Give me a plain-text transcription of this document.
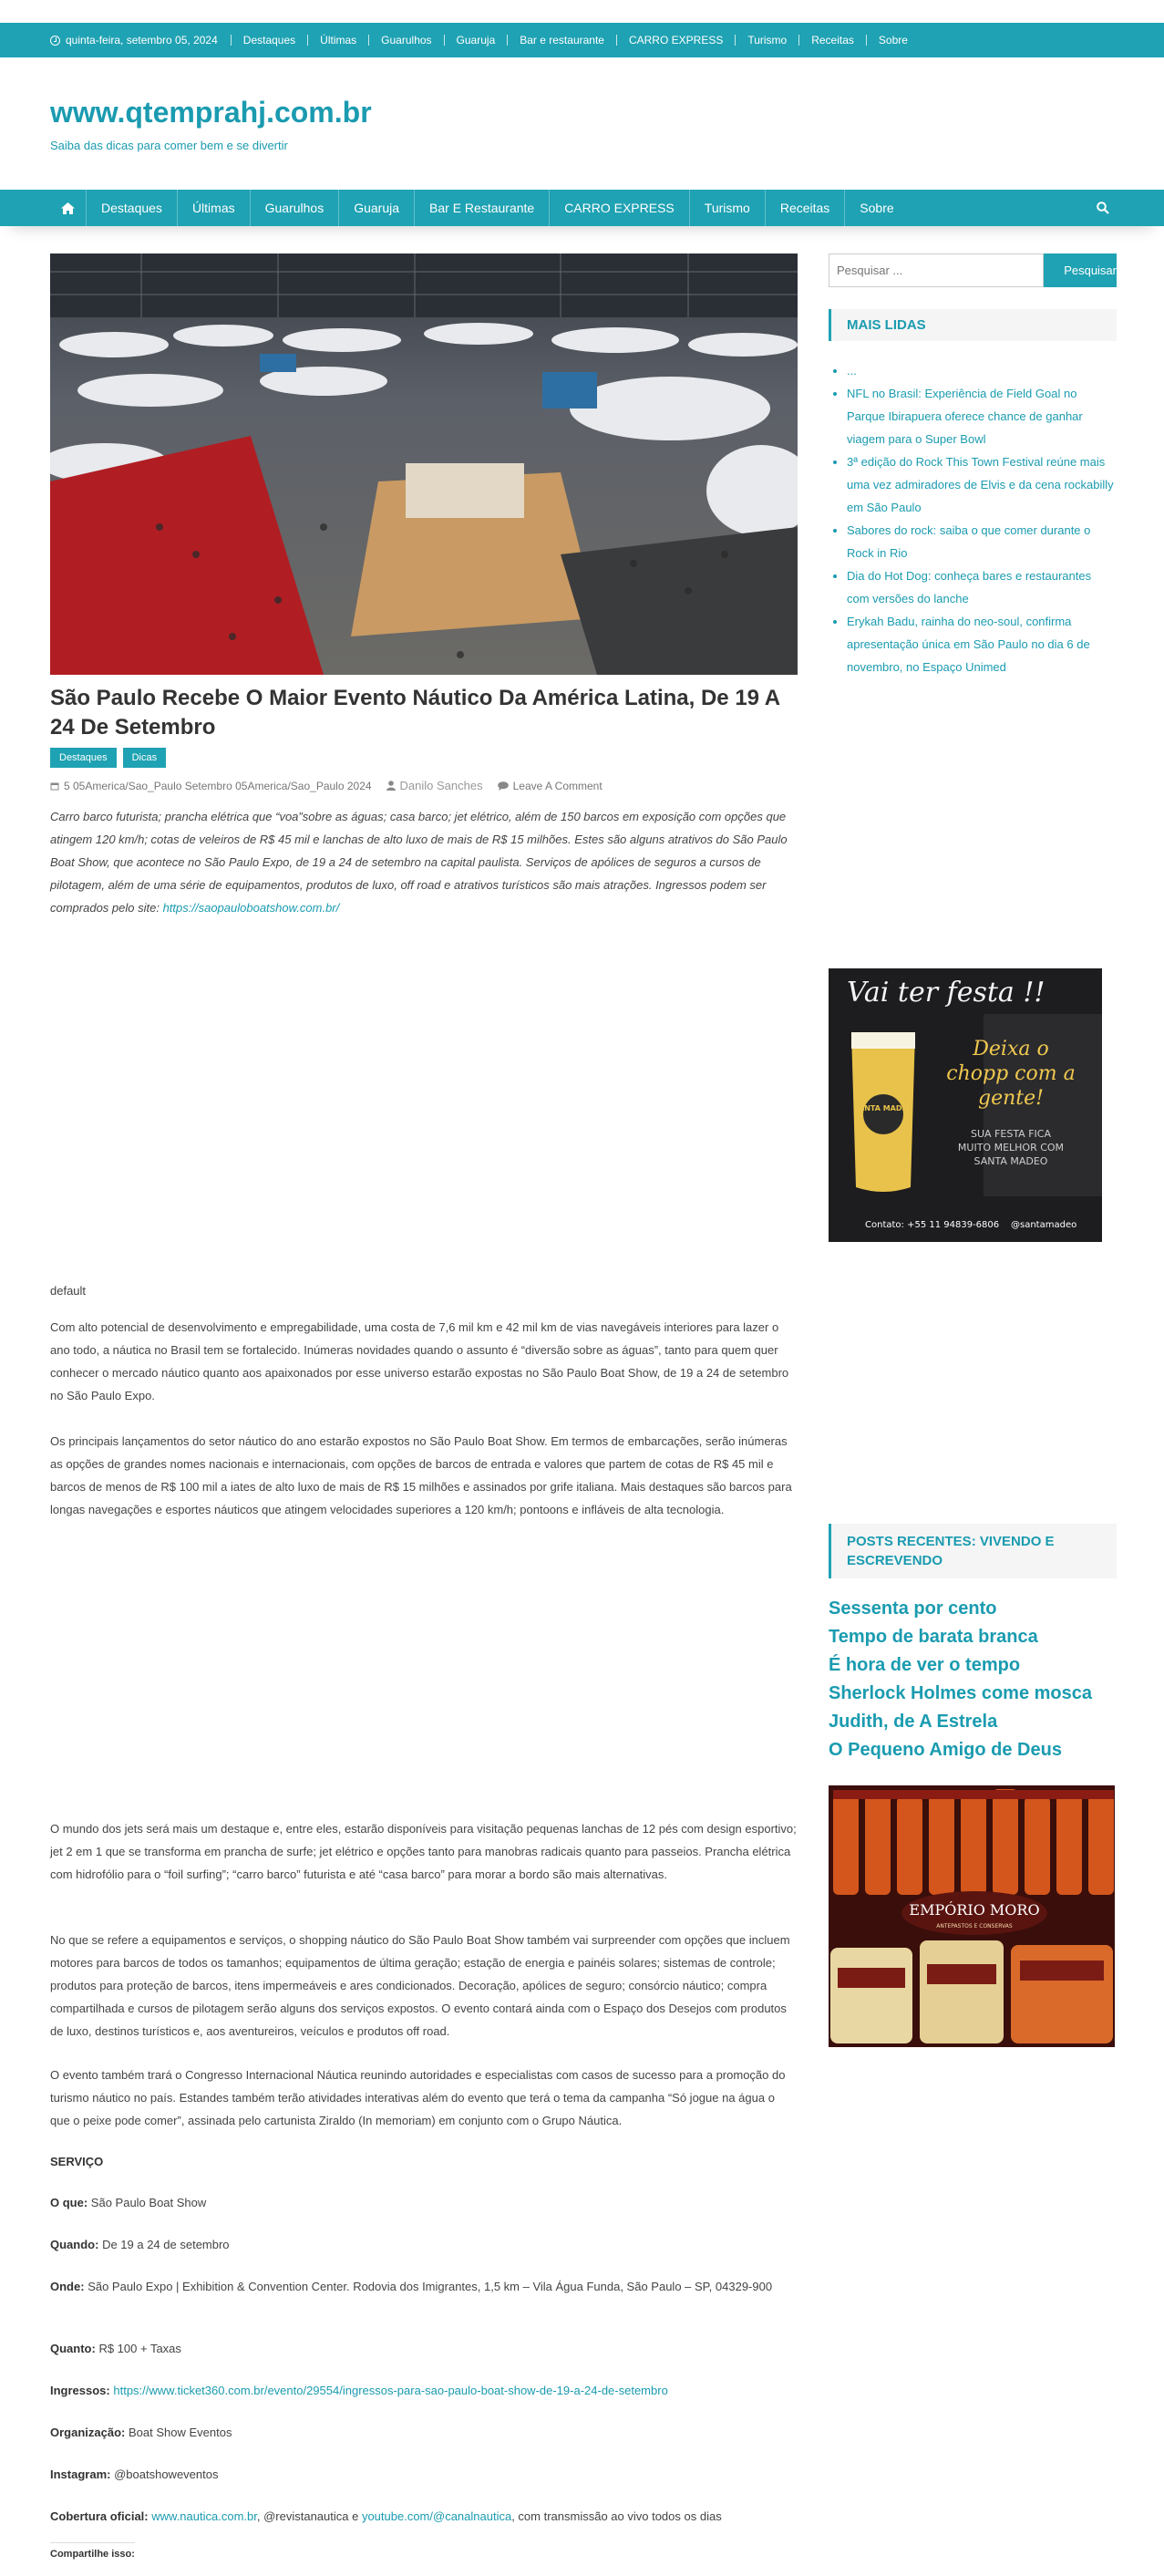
quinta-feira, setembro 05, 2024	Destaques	Últimas	Guarulhos	Guaruja	Bar e restaurante	CARRO EXPRESS	Turismo	Receitas	Sobre
www.qtemprahj.com.br
Saiba das dicas para comer bem e se divertir
Destaques	Últimas	Guarulhos	Guaruja	Bar E Restaurante	CARRO EXPRESS	Turismo	Receitas	Sobre
São Paulo Recebe O Maior Evento Náutico Da América Latina, De 19 A 24 De Setembro
Destaques	Dicas
5 05America/Sao_Paulo Setembro 05America/Sao_Paulo 2024 Danilo Sanches	Leave A Comment

Carro barco futurista; prancha elétrica que “voa”sobre as águas; casa barco; jet elétrico, além de 150 barcos em exposição com opções que atingem 120 km/h; cotas de veleiros de R$ 45 mil e lanchas de alto luxo de mais de R$ 15 milhões. Estes são alguns atrativos do São Paulo Boat Show, que acontece no São Paulo Expo, de 19 a 24 de setembro na capital paulista. Serviços de apólices de seguros a cursos de pilotagem, além de uma série de equipamentos, produtos de luxo, off road e atrativos turísticos são mais atrações. Ingressos podem ser comprados pelo site: https://saopauloboatshow.com.br/

default

Com alto potencial de desenvolvimento e empregabilidade, uma costa de 7,6 mil km e 42 mil km de vias navegáveis interiores para lazer o ano todo, a náutica no Brasil tem se fortalecido. Inúmeras novidades quando o assunto é “diversão sobre as águas”, tanto para quem quer conhecer o mercado náutico quanto aos apaixonados por esse universo estarão expostas no São Paulo Boat Show, de 19 a 24 de setembro no São Paulo Expo.

Os principais lançamentos do setor náutico do ano estarão expostos no São Paulo Boat Show. Em termos de embarcações, serão inúmeras as opções de grandes nomes nacionais e internacionais, com opções de barcos de entrada e valores que partem de cotas de R$ 45 mil e barcos de menos de R$ 100 mil a iates de alto luxo de mais de R$ 15 milhões e assinados por grife italiana. Mais destaques são barcos para longas navegações e esportes náuticos que atingem velocidades superiores a 120 km/h; pontoons e infláveis de alta tecnologia.

O mundo dos jets será mais um destaque e, entre eles, estarão disponíveis para visitação pequenas lanchas de 12 pés com design esportivo; jet 2 em 1 que se transforma em prancha de surfe; jet elétrico e opções tanto para manobras radicais quanto para passeios. Prancha elétrica com hidrofólio para o “foil surfing”; “carro barco” futurista e até “casa barco” para morar a bordo são mais alternativas.

No que se refere a equipamentos e serviços, o shopping náutico do São Paulo Boat Show também vai surpreender com opções que incluem motores para barcos de todos os tamanhos; equipamentos de última geração; estação de energia e painéis solares; sistemas de controle; produtos para proteção de barcos, itens impermeáveis e ares condicionados. Decoração, apólices de seguro; consórcio náutico; compra compartilhada e cursos de pilotagem serão alguns dos serviços expostos. O evento contará ainda com o Espaço dos Desejos com produtos de luxo, destinos turísticos e, aos aventureiros, veículos e produtos off road.

O evento também trará o Congresso Internacional Náutica reunindo autoridades e especialistas com casos de sucesso para a promoção do turismo náutico no país. Estandes também terão atividades interativas além do evento que terá o tema da campanha “Só jogue na água o que o peixe pode comer”, assinada pelo cartunista Ziraldo (In memoriam) em conjunto com o Grupo Náutica.

SERVIÇO
O que: São Paulo Boat Show
Quando: De 19 a 24 de setembro
Onde: São Paulo Expo | Exhibition & Convention Center. Rodovia dos Imigrantes, 1,5 km – Vila Água Funda, São Paulo – SP, 04329-900
Quanto: R$ 100 + Taxas
Ingressos: https://www.ticket360.com.br/evento/29554/ingressos-para-sao-paulo-boat-show-de-19-a-24-de-setembro
Organização: Boat Show Eventos
Instagram: @boatshoweventos
Cobertura oficial: www.nautica.com.br, @revistanautica e youtube.com/@canalnautica, com transmissão ao vivo todos os dias
Compartilhe isso:
Pesquisar ...
Pesquisar
MAIS LIDAS
• ...
• NFL no Brasil: Experiência de Field Goal no Parque Ibirapuera oferece chance de ganhar viagem para o Super Bowl
• 3ª edição do Rock This Town Festival reúne mais uma vez admiradores de Elvis e da cena rockabilly em São Paulo
• Sabores do rock: saiba o que comer durante o Rock in Rio
• Dia do Hot Dog: conheça bares e restaurantes com versões do lanche
• Erykah Badu, rainha do neo-soul, confirma apresentação única em São Paulo no dia 6 de novembro, no Espaço Unimed
Vai ter festa !!
SANTA MADEO
Deixa o
chopp com a
gente!
SUA FESTA FICA
MUITO MELHOR COM
SANTA MADEO
Contato: +55 11 94839-6806 @santamadeo
POSTS RECENTES: VIVENDO E ESCREVENDO
Sessenta por cento
Tempo de barata branca
É hora de ver o tempo
Sherlock Holmes come mosca
Judith, de A Estrela
O Pequeno Amigo de Deus
EMPÓRIO MORO
ANTEPASTOS E CONSERVAS
